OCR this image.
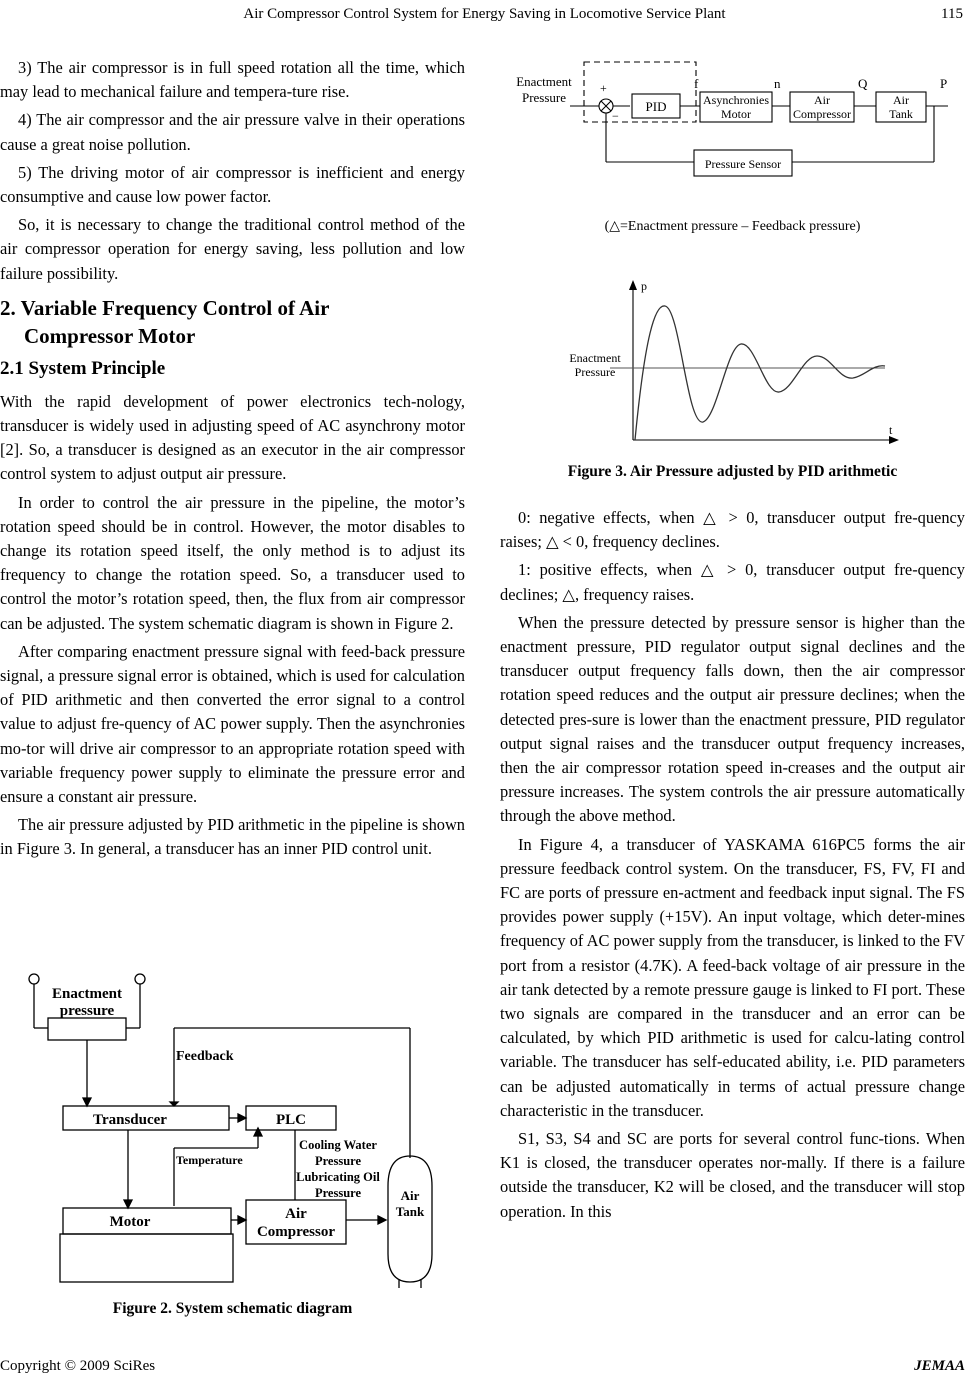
Air Compressor Control System for Energy Saving in Locomotive Service Plant	115

3) The air compressor is in full speed rotation all the time, which may lead to mechanical failure and tempera-ture rise.

4) The air compressor and the air pressure valve in their operations cause a great noise pollution.

5) The driving motor of air compressor is inefficient and energy consumptive and cause low power factor.

So, it is necessary to change the traditional control method of the air compressor operation for energy saving, less pollution and low failure possibility.

2. Variable Frequency Control of Air
Compressor Motor
2.1 System Principle

With the rapid development of power electronics tech-nology, transducer is widely used in adjusting speed of AC asynchrony motor [2]. So, a transducer is designed as an executor in the air compressor control system to adjust output air pressure.

In order to control the air pressure in the pipeline, the motor’s rotation speed should be in control. However, the motor disables to change its rotation speed itself, the only method is to adjust its frequency to change the rotation speed. So, a transducer used to control the motor’s rotation speed, then, the flux from air compressor can be adjusted. The system schematic diagram is shown in Figure 2.

After comparing enactment pressure signal with feed-back pressure signal, a pressure signal error is obtained, which is used for calculation of PID arithmetic and then converted the error signal to a control value to adjust fre-quency of AC power supply. Then the asynchronies mo-tor will drive air compressor to an appropriate rotation speed with variable frequency power supply to eliminate the pressure error and ensure a constant air pressure.

The air pressure adjusted by PID arithmetic in the pipeline is shown in Figure 3. In general, a transducer has an inner PID control unit.

Enactment
pressure
Feedback
Transducer	PLC
Temperature
Cooling Water
Pressure
Lubricating Oil
Pressure
Motor	Air
Compressor
Air
Tank
Figure 2. System schematic diagram
Enactment
Pressure
+
−
PID
f	n	Q	P
Asynchronies
Motor
Air
Compressor
Air
Tank
Pressure Sensor
(△=Enactment pressure – Feedback pressure)
p
t
Enactment
Pressure
Figure 3. Air Pressure adjusted by PID arithmetic

0: negative effects, when △ > 0, transducer output fre-quency raises; △ < 0, frequency declines.

1: positive effects, when △ > 0, transducer output fre-quency declines; △, frequency raises.

When the pressure detected by pressure sensor is higher than the enactment pressure, PID regulator output signal declines and the transducer output frequency falls down, then the air compressor rotation speed reduces and the output air pressure declines; when the detected pres-sure is lower than the enactment pressure, PID regulator output signal raises and the transducer output frequency increases, then the air compressor rotation speed in-creases and the output air pressure increases. The system controls the air pressure automatically through the above method.

In Figure 4, a transducer of YASKAMA 616PC5 forms the air pressure feedback control system. On the transducer, FS, FV, FI and FC are ports of pressure en-actment and feedback input signal. The FS provides power supply (+15V). An input voltage, which deter-mines frequency of AC power supply from the transducer, is linked to the FV port from a resistor (4.7K). A feed-back voltage of air pressure in the air tank detected by a remote pressure gauge is linked to FI port. These two signals are compared in the transducer and an error can be calculated, by which PID arithmetic is used for calcu-lating control variable. The transducer has self-educated ability, i.e. PID parameters can be adjusted automatically in terms of actual pressure change characteristic in the transducer.

S1, S3, S4 and SC are ports for several control func-tions. When K1 is closed, the transducer operates nor-mally. If there is a failure outside the transducer, K2 will be closed, and the transducer will stop operation. In this

Copyright © 2009 SciRes	JEMAA
